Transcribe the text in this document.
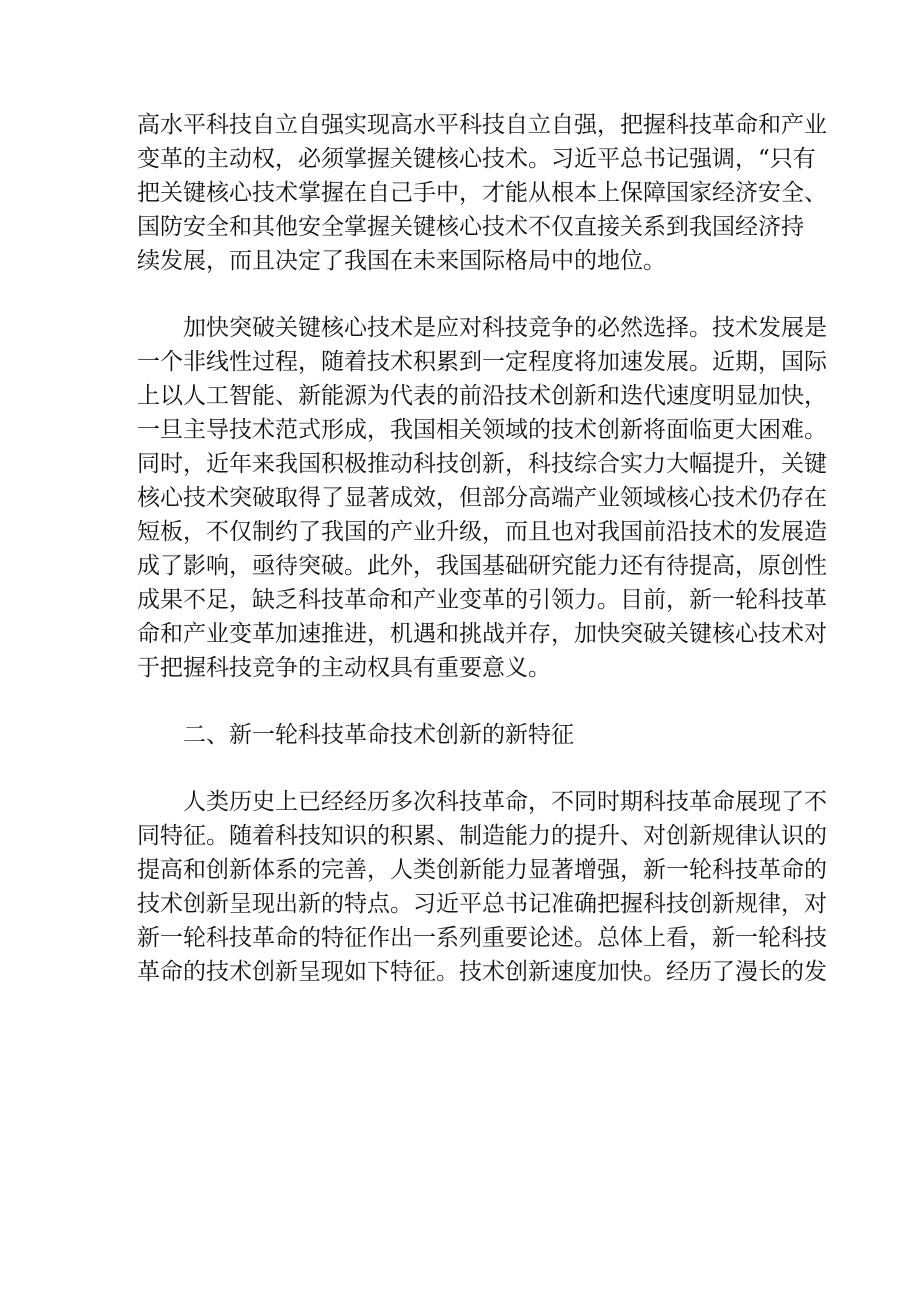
高水平科技自立自强实现高水平科技自立自强，把握科技革命和产业
变革的主动权，必须掌握关键核心技术。习近平总书记强调，“只有
把关键核心技术掌握在自己手中，才能从根本上保障国家经济安全、
国防安全和其他安全掌握关键核心技术不仅直接关系到我国经济持
续发展，而且决定了我国在未来国际格局中的地位。
加快突破关键核心技术是应对科技竞争的必然选择。技术发展是
一个非线性过程，随着技术积累到一定程度将加速发展。近期，国际
上以人工智能、新能源为代表的前沿技术创新和迭代速度明显加快，
一旦主导技术范式形成，我国相关领域的技术创新将面临更大困难。
同时，近年来我国积极推动科技创新，科技综合实力大幅提升，关键
核心技术突破取得了显著成效，但部分高端产业领域核心技术仍存在
短板，不仅制约了我国的产业升级，而且也对我国前沿技术的发展造
成了影响，亟待突破。此外，我国基础研究能力还有待提高，原创性
成果不足，缺乏科技革命和产业变革的引领力。目前，新一轮科技革
命和产业变革加速推进，机遇和挑战并存，加快突破关键核心技术对
于把握科技竞争的主动权具有重要意义。
二、新一轮科技革命技术创新的新特征
人类历史上已经经历多次科技革命，不同时期科技革命展现了不
同特征。随着科技知识的积累、制造能力的提升、对创新规律认识的
提高和创新体系的完善，人类创新能力显著增强，新一轮科技革命的
技术创新呈现出新的特点。习近平总书记准确把握科技创新规律，对
新一轮科技革命的特征作出一系列重要论述。总体上看，新一轮科技
革命的技术创新呈现如下特征。技术创新速度加快。经历了漫长的发
